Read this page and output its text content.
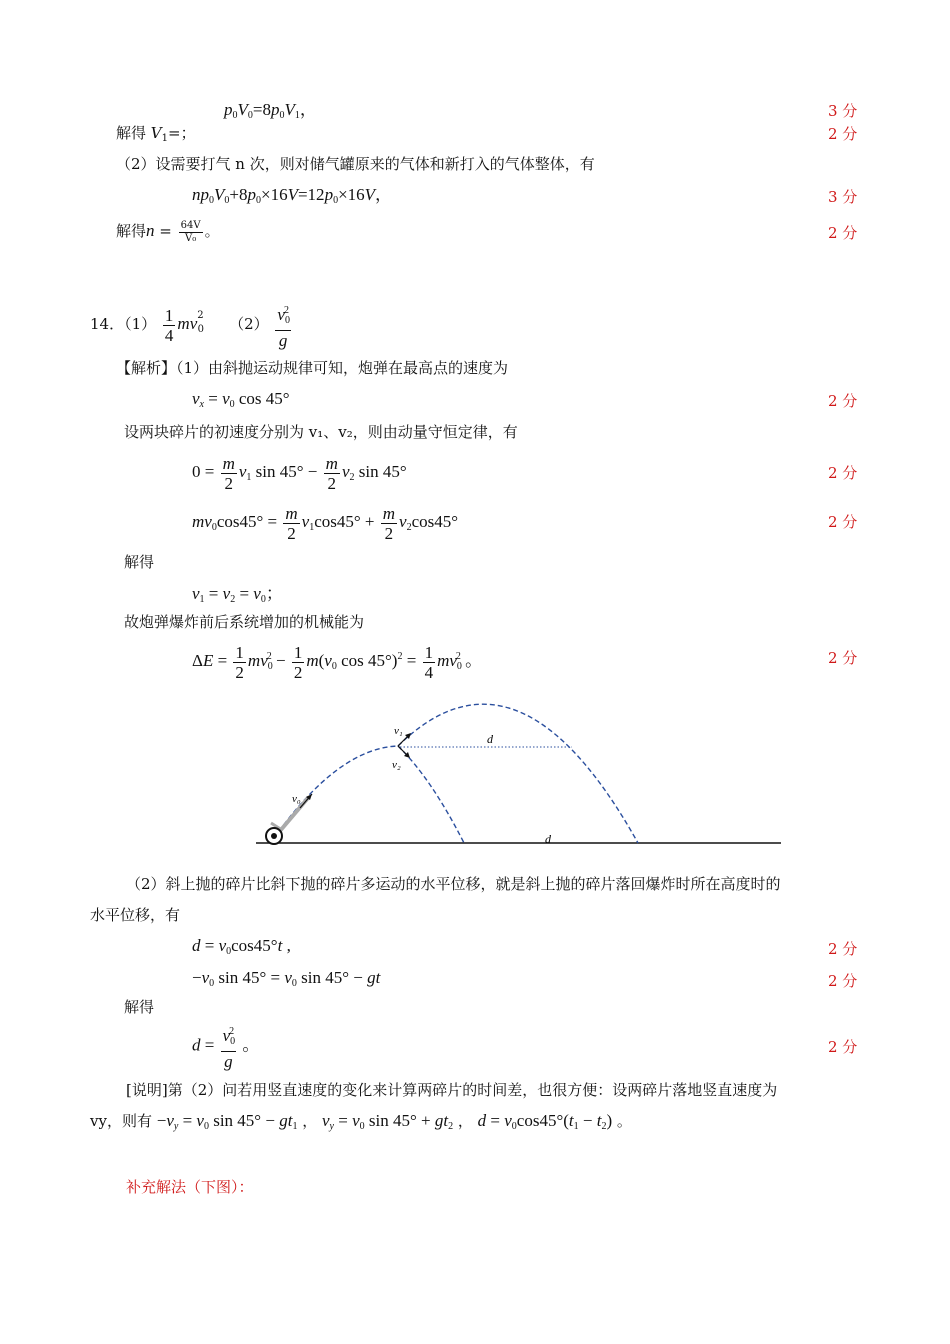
$p_0V_0=8p_0V_1$，	3 分
解得 $V_1=$；	2 分
（2）设需要打气 n 次，则对储气罐原来的气体和新打入的气体整体，有
$np_0V_0+8p_0\times 16V=12p_0\times 16V$，	3 分
解得$n = \frac{64V}{\text{V₀}}$ 。	2 分
14．$(1) \frac{1}{4} mv^2_0$ $(2) \frac{v_0^2}{g}$
【解析】（1）由斜抛运动规律可知，炮弹在最高点的速度为
$v_x = v_0$ cos 45°	2 分
设两块碎片的初速度分别为 v₁、v₂，则由动量守恒定律，有
$0 = \frac{m}{2} v_1$ $\sin 45^\circ - \frac{m}{2} v_2$ sin 45°	2 分
$mv_0\cos 45^\circ = \frac{m}{2} v_1\cos 45^\circ + \frac{m}{2} v_2\cos 45^\circ$	2 分
解得
$v_1 = v_2 = v_0$；
故炮弹爆炸前后系统增加的机械能为
$\Delta E = \frac{1}{2} mv_0^2 - \frac{1}{2} m(v_0$ $\cos 45^\circ)^2 = \frac{1}{4} mv_0^2$ 。	2 分
v₀
v₁
v₂
d
d
（2）斜上抛的碎片比斜下抛的碎片多运动的水平位移，就是斜上抛的碎片落回爆炸时所在高度时的
水平位移，有
$d = v_0\cos 45^\circ t$ ,	2 分
$-v_0$ $\sin 45^\circ = v_0$ sin 45° − gt	2 分
解得
$d = \frac{v_0^2}{g}$ 。	2 分
[说明]第（2）问若用竖直速度的变化来计算两碎片的时间差，也很方便：设两碎片落地竖直速度为
vy，则有 $-v_y = v_0$ $\sin 45^\circ - gt_1$ ， $v_y = v_0$ $\sin 45^\circ + gt_2$ ， $d = v_0\cos 45^\circ(t_1 - t_2)$ 。
补充解法（下图）：
